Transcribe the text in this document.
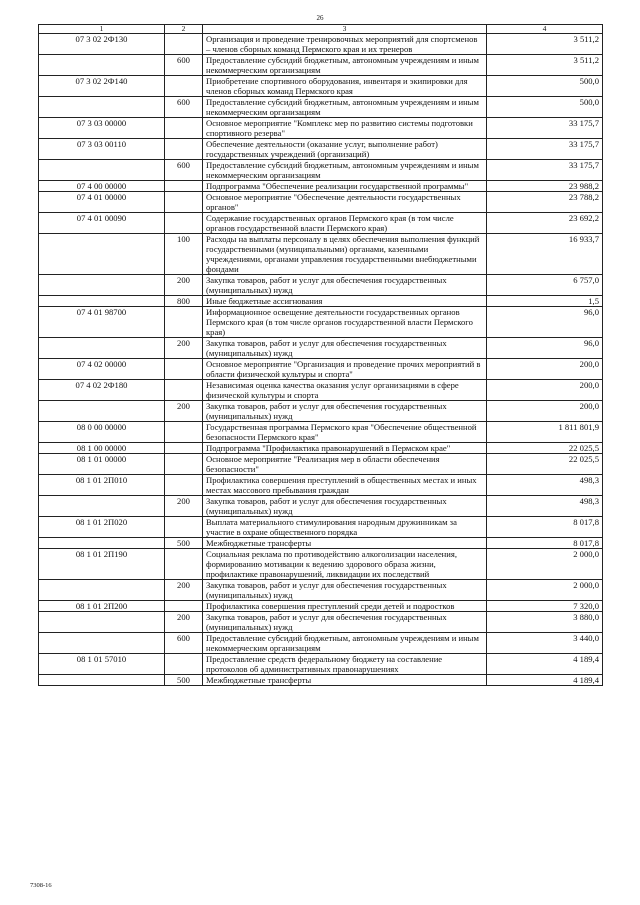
26
1	2	3	4
07 3 02 2Ф130		Организация и проведение тренировочных мероприятий для спортсменов – членов сборных команд Пермского края и их тренеров	3 511,2
	600	Предоставление субсидий бюджетным, автономным учреждениям и иным некоммерческим организациям	3 511,2
07 3 02 2Ф140		Приобретение спортивного оборудования, инвентаря и экипировки для членов сборных команд Пермского края	500,0
	600	Предоставление субсидий бюджетным, автономным учреждениям и иным некоммерческим организациям	500,0
07 3 03 00000		Основное мероприятие "Комплекс мер по развитию системы подготовки спортивного резерва"	33 175,7
07 3 03 00110		Обеспечение деятельности (оказание услуг, выполнение работ) государственных учреждений (организаций)	33 175,7
	600	Предоставление субсидий бюджетным, автономным учреждениям и иным некоммерческим организациям	33 175,7
07 4 00 00000		Подпрограмма "Обеспечение реализации государственной программы"	23 988,2
07 4 01 00000		Основное мероприятие "Обеспечение деятельности государственных органов"	23 788,2
07 4 01 00090		Содержание государственных органов Пермского края (в том числе органов государственной власти Пермского края)	23 692,2
	100	Расходы на выплаты персоналу в целях обеспечения выполнения функций государственными (муниципальными) органами, казенными учреждениями, органами управления государственными внебюджетными фондами	16 933,7
	200	Закупка товаров, работ и услуг для обеспечения государственных (муниципальных) нужд	6 757,0
	800	Иные бюджетные ассигнования	1,5
07 4 01 98700		Информационное освещение деятельности государственных органов Пермского края (в том числе органов государственной власти Пермского края)	96,0
	200	Закупка товаров, работ и услуг для обеспечения государственных (муниципальных) нужд	96,0
07 4 02 00000		Основное мероприятие "Организация и проведение прочих мероприятий в области физической культуры и спорта"	200,0
07 4 02 2Ф180		Независимая оценка качества оказания услуг организациями в сфере физической культуры и спорта	200,0
	200	Закупка товаров, работ и услуг для обеспечения государственных (муниципальных) нужд	200,0
08 0 00 00000		Государственная программа Пермского края "Обеспечение общественной безопасности Пермского края"	1 811 801,9
08 1 00 00000		Подпрограмма "Профилактика правонарушений в Пермском крае"	22 025,5
08 1 01 00000		Основное мероприятие "Реализация мер в области обеспечения безопасности"	22 025,5
08 1 01 2П010		Профилактика совершения преступлений в общественных местах и иных местах массового пребывания граждан	498,3
	200	Закупка товаров, работ и услуг для обеспечения государственных (муниципальных) нужд	498,3
08 1 01 2П020		Выплата материального стимулирования народным дружинникам за участие в охране общественного порядка	8 017,8
	500	Межбюджетные трансферты	8 017,8
08 1 01 2П190		Социальная реклама по противодействию алкоголизации населения, формированию мотивации к ведению здорового образа жизни, профилактике правонарушений, ликвидации их последствий	2 000,0
	200	Закупка товаров, работ и услуг для обеспечения государственных (муниципальных) нужд	2 000,0
08 1 01 2П200		Профилактика совершения преступлений среди детей и подростков	7 320,0
	200	Закупка товаров, работ и услуг для обеспечения государственных (муниципальных) нужд	3 880,0
	600	Предоставление субсидий бюджетным, автономным учреждениям и иным некоммерческим организациям	3 440,0
08 1 01 57010		Предоставление средств федеральному бюджету на составление протоколов об административных правонарушениях	4 189,4
	500	Межбюджетные трансферты	4 189,4
7308-16
